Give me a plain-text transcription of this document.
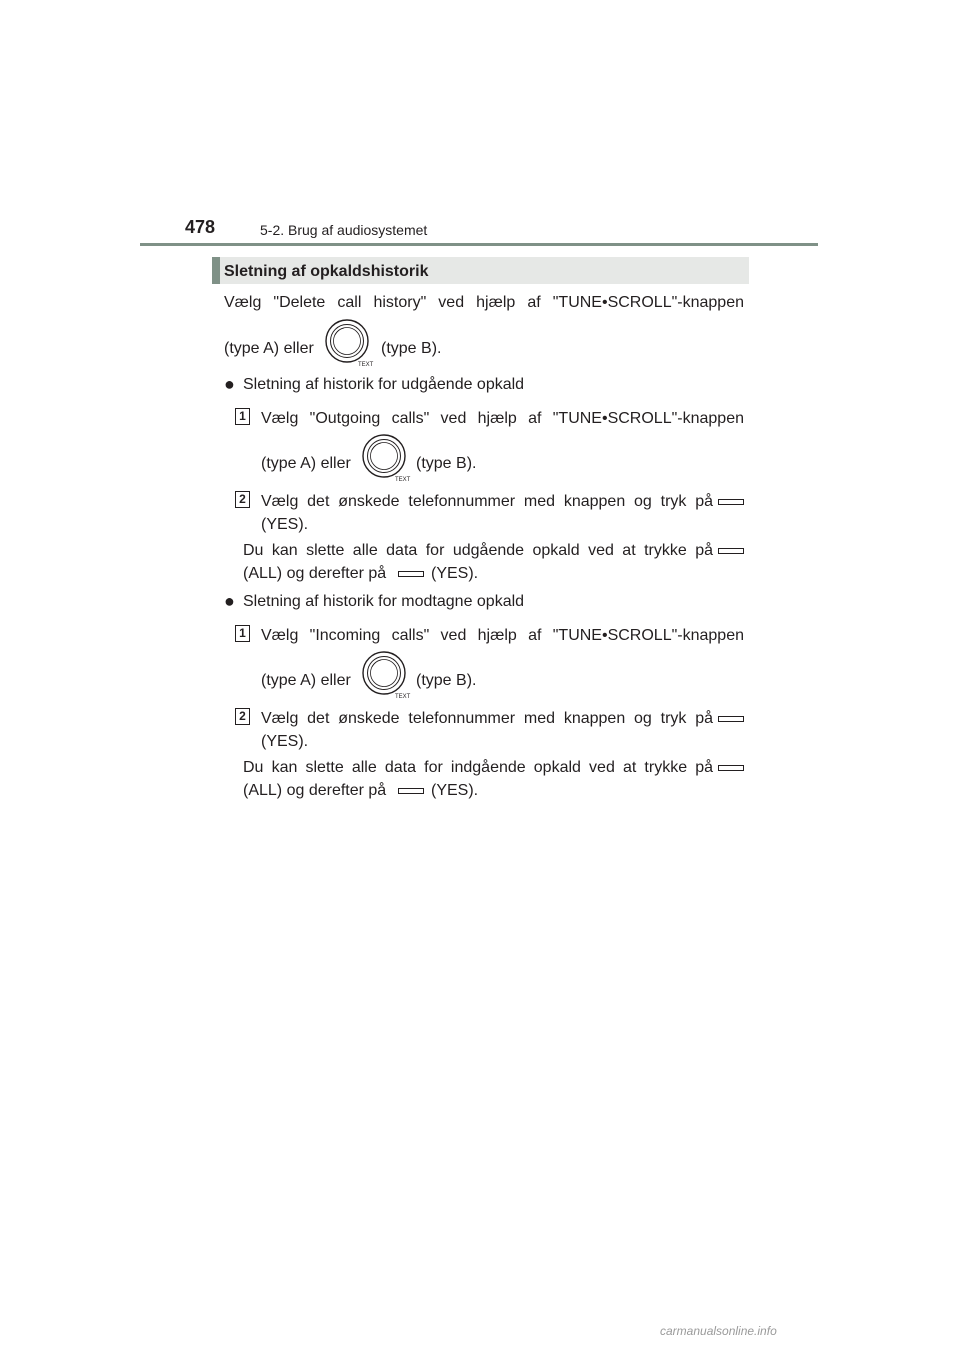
478	5-2. Brug af audiosystemet
Sletning af opkaldshistorik
Vælg "Delete call history" ved hjælp af "TUNE•SCROLL"-knappen
(type A) eller
TEXT
(type B).
● Sletning af historik for udgående opkald
1 Vælg "Outgoing calls" ved hjælp af "TUNE•SCROLL"-knappen
(type A) eller
TEXT
(type B).
2 Vælg det ønskede telefonnummer med knappen og tryk på
(YES).
Du kan slette alle data for udgående opkald ved at trykke på
(ALL) og derefter på	(YES).
● Sletning af historik for modtagne opkald
1 Vælg "Incoming calls" ved hjælp af "TUNE•SCROLL"-knappen
(type A) eller
TEXT
(type B).
2 Vælg det ønskede telefonnummer med knappen og tryk på
(YES).
Du kan slette alle data for indgående opkald ved at trykke på
(ALL) og derefter på	(YES).
carmanualsonline.info
